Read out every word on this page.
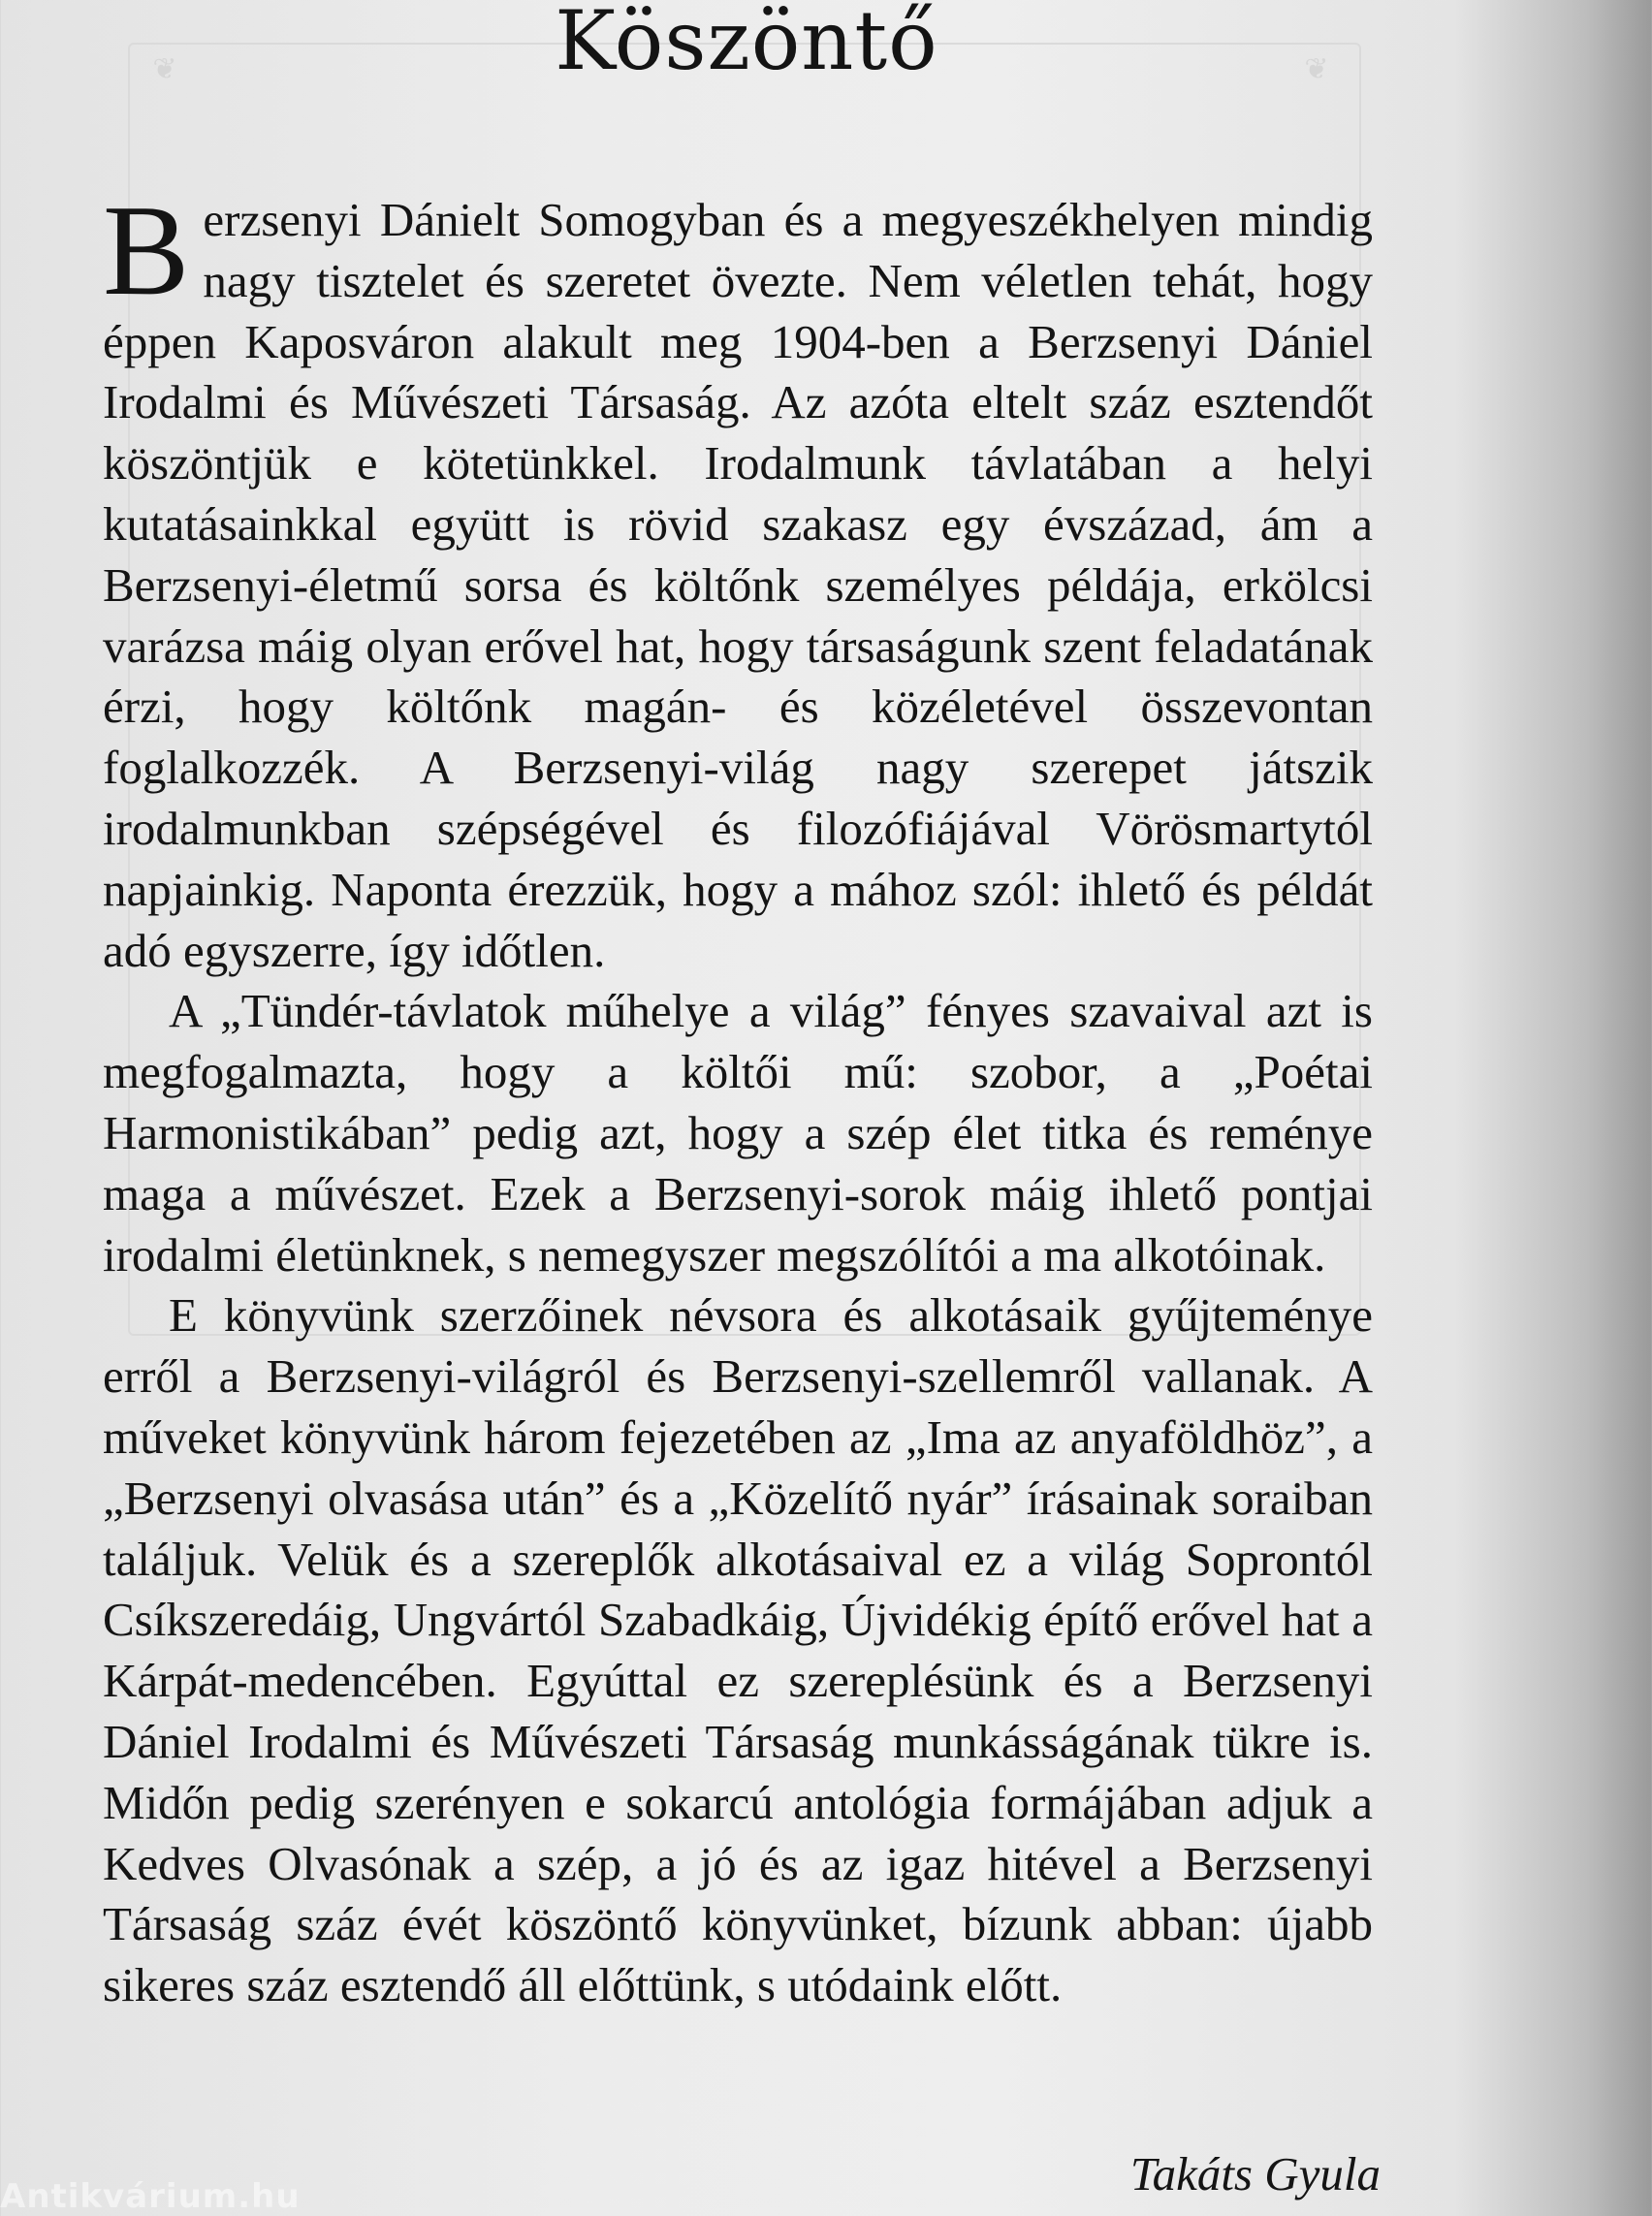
❦	❦
Köszöntő

Berzsenyi Dánielt Somogyban és a megyeszékhelyen mindig nagy tisztelet és szeretet övezte. Nem véletlen tehát, hogy éppen Kaposváron alakult meg 1904-ben a Berzsenyi Dániel Irodalmi és Művészeti Társaság. Az azóta eltelt száz esztendőt köszöntjük e kötetünkkel. Irodalmunk távlatában a helyi kutatásainkkal együtt is rövid szakasz egy évszázad, ám a Berzsenyi-életmű sorsa és költőnk személyes példája, erkölcsi varázsa máig olyan erővel hat, hogy társaságunk szent feladatának érzi, hogy költőnk magán- és közéletével összevontan foglalkozzék. A Berzsenyi-világ nagy szerepet játszik irodalmunkban szépségével és filozófiájával Vörösmartytól napjainkig. Naponta érezzük, hogy a mához szól: ihlető és példát adó egyszerre, így időtlen.

A „Tündér-távlatok műhelye a világ” fényes szavaival azt is megfogalmazta, hogy a költői mű: szobor, a „Poétai Harmonistikában” pedig azt, hogy a szép élet titka és reménye maga a művészet. Ezek a Berzsenyi-sorok máig ihlető pontjai irodalmi életünknek, s nemegyszer megszólítói a ma alkotóinak.

E könyvünk szerzőinek névsora és alkotásaik gyűjteménye erről a Berzsenyi-világról és Berzsenyi-szellemről vallanak. A műveket könyvünk három fejezetében az „Ima az anyaföldhöz”, a „Berzsenyi olvasása után” és a „Közelítő nyár” írásainak soraiban találjuk. Velük és a szereplők alkotásaival ez a világ Soprontól Csíkszeredáig, Ungvártól Szabadkáig, Újvidékig építő erővel hat a Kárpát-medencében. Egyúttal ez szereplésünk és a Berzsenyi Dániel Irodalmi és Művészeti Társaság munkásságának tükre is. Midőn pedig szerényen e sokarcú antológia formájában adjuk a Kedves Olvasónak a szép, a jó és az igaz hitével a Berzsenyi Társaság száz évét köszöntő könyvünket, bízunk abban: újabb sikeres száz esztendő áll előttünk, s utódaink előtt.

Takáts Gyula
Antikvárium.hu
